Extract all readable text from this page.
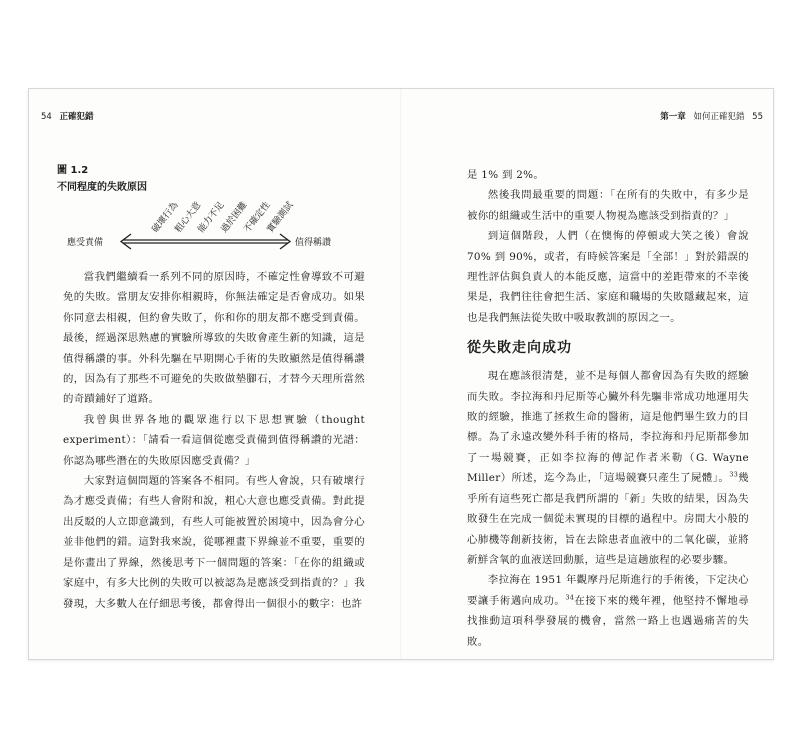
54 正確犯錯
圖 1.2
不同程度的失敗原因
應受責備	值得稱讚
破壞行為
粗心大意
能力不足
過於困難
不確定性
實驗測試

當我們繼續看一系列不同的原因時，不確定性會導致不可避免的失敗。當朋友安排你相親時，你無法確定是否會成功。如果你同意去相親，但約會失敗了，你和你的朋友都不應受到責備。最後，經過深思熟慮的實驗所導致的失敗會產生新的知識，這是值得稱讚的事。外科先驅在早期開心手術的失敗顯然是值得稱讚的，因為有了那些不可避免的失敗做墊腳石，才替今天理所當然的奇蹟鋪好了道路。

我曾與世界各地的觀眾進行以下思想實驗（thought experiment）：「請看一看這個從應受責備到值得稱讚的光譜：你認為哪些潛在的失敗原因應受責備？」

大家對這個問題的答案各不相同。有些人會說，只有破壞行為才應受責備；有些人會附和說，粗心大意也應受責備。對此提出反駁的人立即意識到，有些人可能被置於困境中，因為會分心並非他們的錯。這對我來說，從哪裡畫下界線並不重要，重要的是你畫出了界線，然後思考下一個問題的答案：「在你的組織或家庭中，有多大比例的失敗可以被認為是應該受到指責的？」我發現，大多數人在仔細思考後，都會得出一個很小的數字：也許

第一章 如何正確犯錯 55

是 1% 到 2%。

然後我問最重要的問題：「在所有的失敗中，有多少是被你的組織或生活中的重要人物視為應該受到指責的？」

到這個階段，人們（在懊悔的停頓或大笑之後）會說 70% 到 90%，或者，有時候答案是「全部！」對於錯誤的理性評估與負責人的本能反應，這當中的差距帶來的不幸後果是，我們往往會把生活、家庭和職場的失敗隱藏起來，這也是我們無法從失敗中吸取教訓的原因之一。

從失敗走向成功

現在應該很清楚，並不是每個人都會因為有失敗的經驗而失敗。李拉海和丹尼斯等心臟外科先驅非常成功地運用失敗的經驗，推進了拯救生命的醫術，這是他們畢生致力的目標。為了永遠改變外科手術的格局，李拉海和丹尼斯都參加了一場競賽，正如李拉海的傳記作者米勒（G. Wayne Miller）所述，迄今為止，「這場競賽只產生了屍體」。$^{33}$幾乎所有這些死亡都是我們所謂的「新」失敗的結果，因為失敗發生在完成一個從未實現的目標的過程中。房間大小般的心肺機等創新技術，旨在去除患者血液中的二氧化碳，並將新鮮含氧的血液送回動脈，這些是這趟旅程的必要步驟。

李拉海在 1951 年觀摩丹尼斯進行的手術後，下定決心要讓手術邁向成功。$^{34}$在接下來的幾年裡，他堅持不懈地尋找推動這項科學發展的機會，當然一路上也遇過痛苦的失敗。
